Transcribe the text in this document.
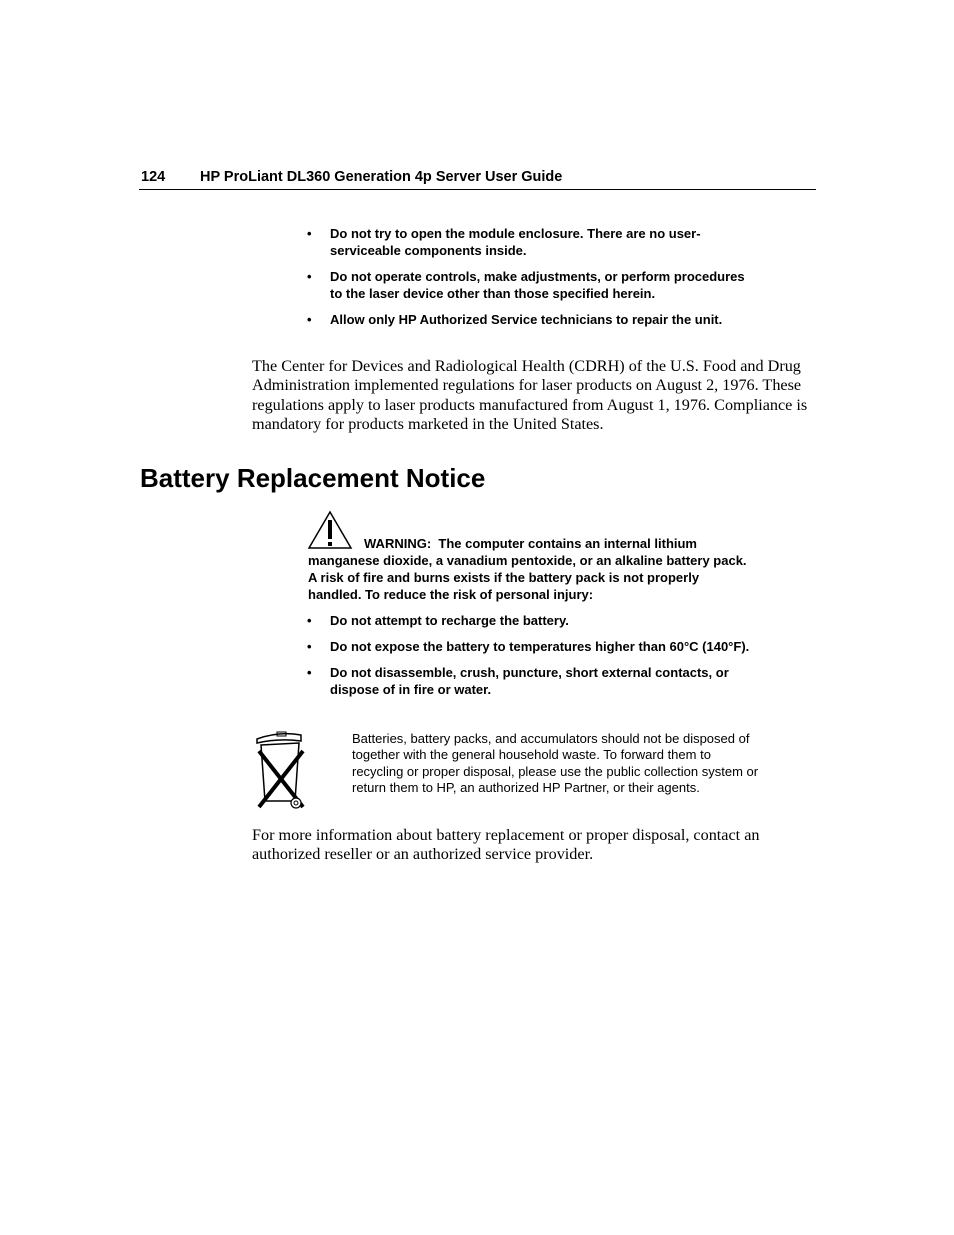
124 HP ProLiant DL360 Generation 4p Server User Guide
• Do not try to open the module enclosure. There are no user-serviceable components inside.
• Do not operate controls, make adjustments, or perform procedures to the laser device other than those specified herein.
• Allow only HP Authorized Service technicians to repair the unit.

The Center for Devices and Radiological Health (CDRH) of the U.S. Food and Drug Administration implemented regulations for laser products on August 2, 1976. These regulations apply to laser products manufactured from August 1, 1976. Compliance is mandatory for products marketed in the United States.

Battery Replacement Notice

WARNING: The computer contains an internal lithium manganese dioxide, a vanadium pentoxide, or an alkaline battery pack. A risk of fire and burns exists if the battery pack is not properly handled. To reduce the risk of personal injury:

• Do not attempt to recharge the battery.
• Do not expose the battery to temperatures higher than 60°C (140°F).
• Do not disassemble, crush, puncture, short external contacts, or dispose of in fire or water.

Batteries, battery packs, and accumulators should not be disposed of together with the general household waste. To forward them to recycling or proper disposal, please use the public collection system or return them to HP, an authorized HP Partner, or their agents.

For more information about battery replacement or proper disposal, contact an authorized reseller or an authorized service provider.
